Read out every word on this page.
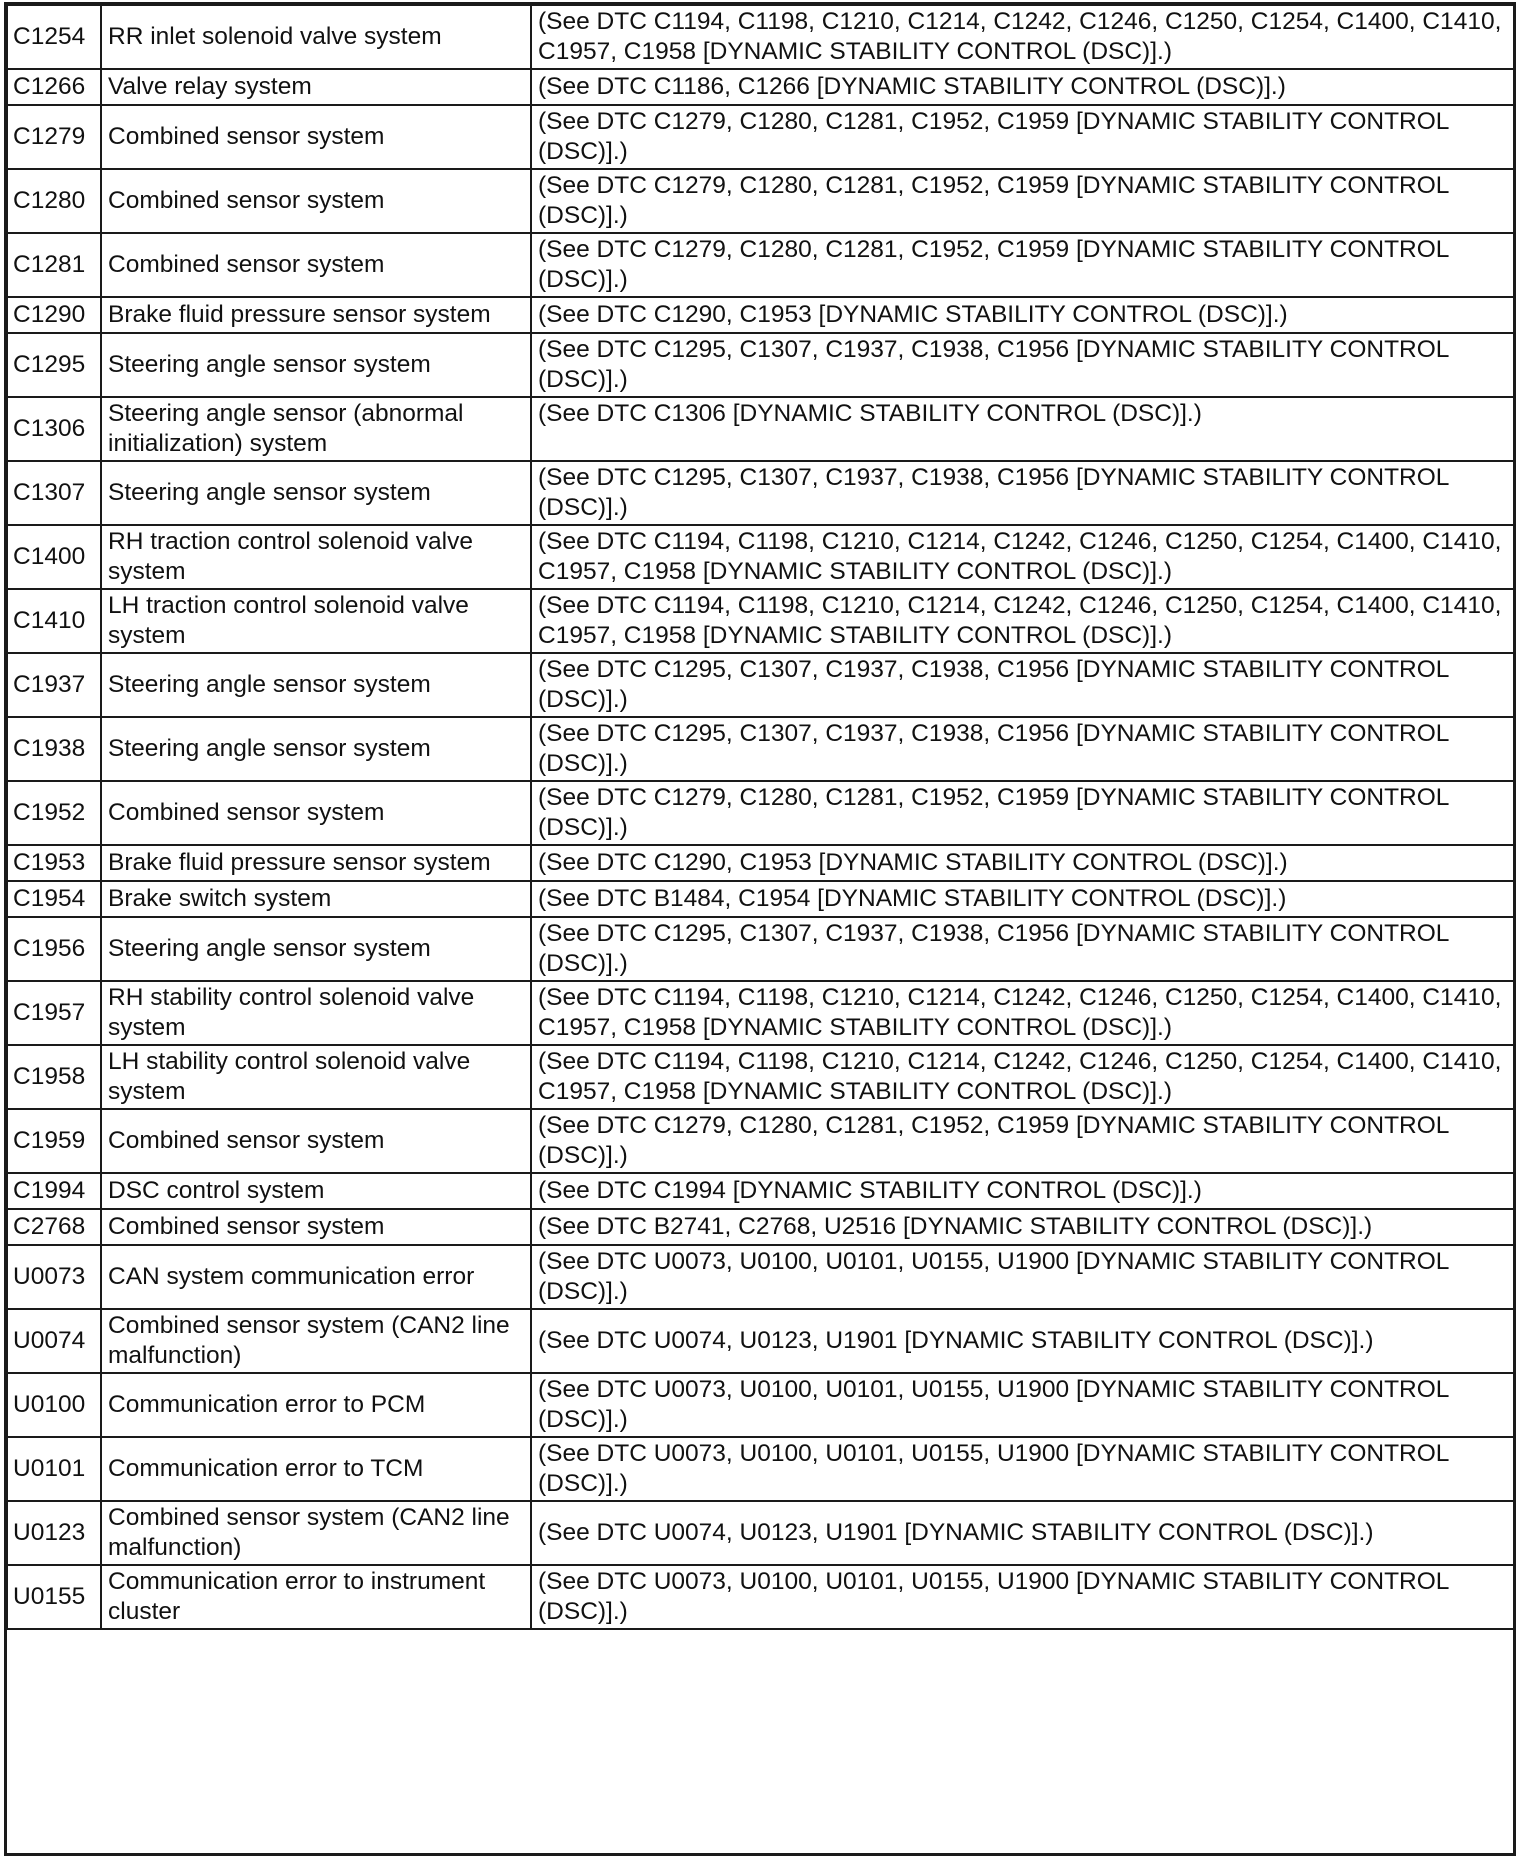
C1254	RR inlet solenoid valve system	(See DTC C1194, C1198, C1210, C1214, C1242, C1246, C1250, C1254, C1400, C1410, C1957, C1958 [DYNAMIC STABILITY CONTROL (DSC)].)
C1266	Valve relay system	(See DTC C1186, C1266 [DYNAMIC STABILITY CONTROL (DSC)].)
C1279	Combined sensor system	(See DTC C1279, C1280, C1281, C1952, C1959 [DYNAMIC STABILITY CONTROL (DSC)].)
C1280	Combined sensor system	(See DTC C1279, C1280, C1281, C1952, C1959 [DYNAMIC STABILITY CONTROL (DSC)].)
C1281	Combined sensor system	(See DTC C1279, C1280, C1281, C1952, C1959 [DYNAMIC STABILITY CONTROL (DSC)].)
C1290	Brake fluid pressure sensor system	(See DTC C1290, C1953 [DYNAMIC STABILITY CONTROL (DSC)].)
C1295	Steering angle sensor system	(See DTC C1295, C1307, C1937, C1938, C1956 [DYNAMIC STABILITY CONTROL (DSC)].)
C1306	Steering angle sensor (abnormal initialization) system	(See DTC C1306 [DYNAMIC STABILITY CONTROL (DSC)].)
C1307	Steering angle sensor system	(See DTC C1295, C1307, C1937, C1938, C1956 [DYNAMIC STABILITY CONTROL (DSC)].)
C1400	RH traction control solenoid valve system	(See DTC C1194, C1198, C1210, C1214, C1242, C1246, C1250, C1254, C1400, C1410, C1957, C1958 [DYNAMIC STABILITY CONTROL (DSC)].)
C1410	LH traction control solenoid valve system	(See DTC C1194, C1198, C1210, C1214, C1242, C1246, C1250, C1254, C1400, C1410, C1957, C1958 [DYNAMIC STABILITY CONTROL (DSC)].)
C1937	Steering angle sensor system	(See DTC C1295, C1307, C1937, C1938, C1956 [DYNAMIC STABILITY CONTROL (DSC)].)
C1938	Steering angle sensor system	(See DTC C1295, C1307, C1937, C1938, C1956 [DYNAMIC STABILITY CONTROL (DSC)].)
C1952	Combined sensor system	(See DTC C1279, C1280, C1281, C1952, C1959 [DYNAMIC STABILITY CONTROL (DSC)].)
C1953	Brake fluid pressure sensor system	(See DTC C1290, C1953 [DYNAMIC STABILITY CONTROL (DSC)].)
C1954	Brake switch system	(See DTC B1484, C1954 [DYNAMIC STABILITY CONTROL (DSC)].)
C1956	Steering angle sensor system	(See DTC C1295, C1307, C1937, C1938, C1956 [DYNAMIC STABILITY CONTROL (DSC)].)
C1957	RH stability control solenoid valve system	(See DTC C1194, C1198, C1210, C1214, C1242, C1246, C1250, C1254, C1400, C1410, C1957, C1958 [DYNAMIC STABILITY CONTROL (DSC)].)
C1958	LH stability control solenoid valve system	(See DTC C1194, C1198, C1210, C1214, C1242, C1246, C1250, C1254, C1400, C1410, C1957, C1958 [DYNAMIC STABILITY CONTROL (DSC)].)
C1959	Combined sensor system	(See DTC C1279, C1280, C1281, C1952, C1959 [DYNAMIC STABILITY CONTROL (DSC)].)
C1994	DSC control system	(See DTC C1994 [DYNAMIC STABILITY CONTROL (DSC)].)
C2768	Combined sensor system	(See DTC B2741, C2768, U2516 [DYNAMIC STABILITY CONTROL (DSC)].)
U0073	CAN system communication error	(See DTC U0073, U0100, U0101, U0155, U1900 [DYNAMIC STABILITY CONTROL (DSC)].)
U0074	Combined sensor system (CAN2 line malfunction)	(See DTC U0074, U0123, U1901 [DYNAMIC STABILITY CONTROL (DSC)].)
U0100	Communication error to PCM	(See DTC U0073, U0100, U0101, U0155, U1900 [DYNAMIC STABILITY CONTROL (DSC)].)
U0101	Communication error to TCM	(See DTC U0073, U0100, U0101, U0155, U1900 [DYNAMIC STABILITY CONTROL (DSC)].)
U0123	Combined sensor system (CAN2 line malfunction)	(See DTC U0074, U0123, U1901 [DYNAMIC STABILITY CONTROL (DSC)].)
U0155	Communication error to instrument cluster	(See DTC U0073, U0100, U0101, U0155, U1900 [DYNAMIC STABILITY CONTROL (DSC)].)
